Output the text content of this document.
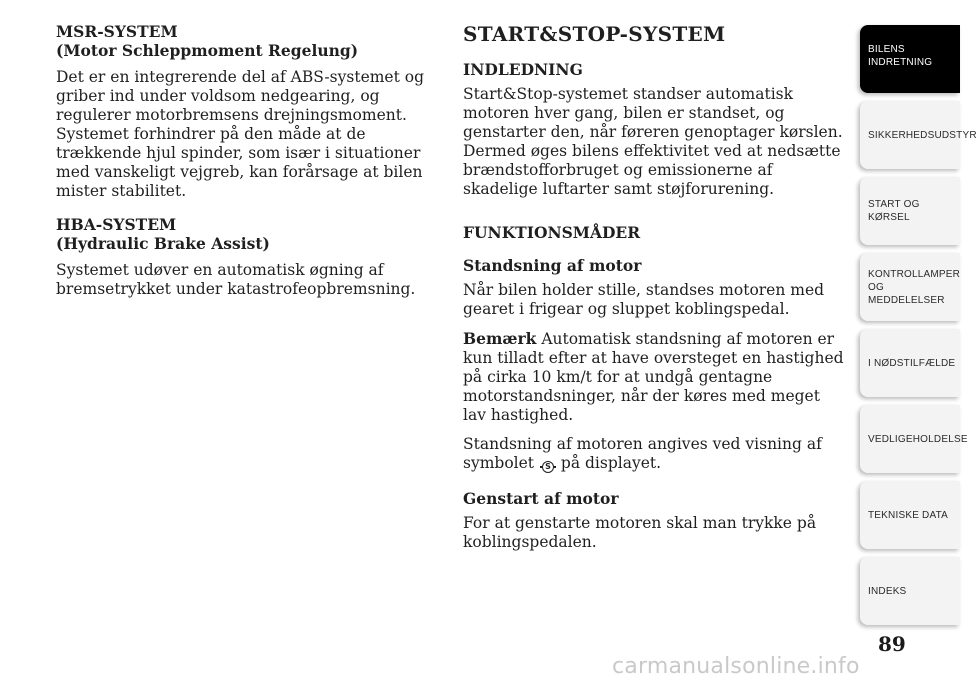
MSR-SYSTEM

(Motor Schleppmoment Regelung)

Det er en integrerende del af ABS-systemet og griber ind under voldsom nedgearing, og regulerer motorbremsens drejningsmoment. Systemet forhindrer på den måde at de trækkende hjul spinder, som især i situationer med vanskeligt vejgreb, kan forårsage at bilen mister stabilitet.

HBA-SYSTEM

(Hydraulic Brake Assist)

Systemet udøver en automatisk øgning af bremsetrykket under katastrofeopbremsning.

START&STOP-SYSTEM

INDLEDNING

Start&Stop-systemet standser automatisk motoren hver gang, bilen er standset, og genstarter den, når føreren genoptager kørslen. Dermed øges bilens effektivitet ved at nedsætte brændstofforbruget og emissionerne af skadelige luftarter samt støjforurening.

FUNKTIONSMÅDER

Standsning af motor

Når bilen holder stille, standses motoren med gearet i frigear og sluppet koblingspedal.

Bemærk Automatisk standsning af motoren er kun tilladt efter at have oversteget en hastighed på cirka 10 km/t for at undgå gentagne motorstandsninger, når der køres med meget lav hastighed.

Standsning af motoren angives ved visning af symbolet S på displayet.

Genstart af motor

For at genstarte motoren skal man trykke på koblingspedalen.

BILENS
INDRETNING
SIKKERHEDSUDSTYR
START OG KØRSEL
KONTROLLAMPER
OG MEDDELELSER
I NØDSTILFÆLDE
VEDLIGEHOLDELSE
TEKNISKE DATA
INDEKS
89
carmanualsonline.info
